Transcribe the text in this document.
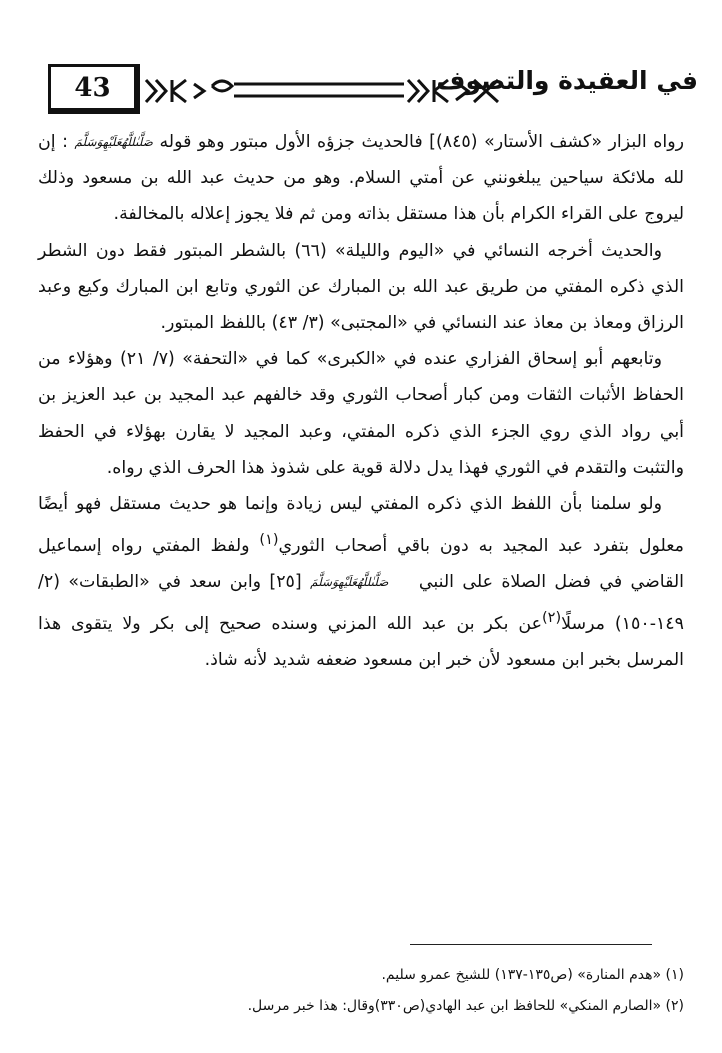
43	في العقيدة والتصوف

رواه البزار «كشف الأستار» (٨٤٥)] فالحديث جزؤه الأول مبتور وهو قوله صَلَّىٰللَّهُعَلَيْهِوَسَلَّمَ : إن لله ملائكة سياحين يبلغونني عن أمتي السلام. وهو من حديث عبد الله بن مسعود وذلك ليروج على القراء الكرام بأن هذا مستقل بذاته ومن ثم فلا يجوز إعلاله بالمخالفة.

والحديث أخرجه النسائي في «اليوم والليلة» (٦٦) بالشطر المبتور فقط دون الشطر الذي ذكره المفتي من طريق عبد الله بن المبارك عن الثوري وتابع ابن المبارك وكيع وعبد الرزاق ومعاذ بن معاذ عند النسائي في «المجتبى» (٣/ ٤٣) باللفظ المبتور.

وتابعهم أبو إسحاق الفزاري عنده في «الكبرى» كما في «التحفة» (٧/ ٢١) وهؤلاء من الحفاظ الأثبات الثقات ومن كبار أصحاب الثوري وقد خالفهم عبد المجيد بن عبد العزيز بن أبي رواد الذي روي الجزء الذي ذكره المفتي، وعبد المجيد لا يقارن بهؤلاء في الحفظ والتثبت والتقدم في الثوري فهذا يدل دلالة قوية على شذوذ هذا الحرف الذي رواه.

ولو سلمنا بأن اللفظ الذي ذكره المفتي ليس زيادة وإنما هو حديث مستقل فهو أيضًا معلول بتفرد عبد المجيد به دون باقي أصحاب الثوري$^{(١)}$ ولفظ المفتي رواه إسماعيل القاضي في فضل الصلاة على النبي صَلَّىٰللَّهُعَلَيْهِوَسَلَّمَ [٢٥] وابن سعد في «الطبقات» (٢/ ١٤٩-١٥٠) مرسلًا$^{(٢)}$عن بكر بن عبد الله المزني وسنده صحيح إلى بكر ولا يتقوى هذا المرسل بخبر ابن مسعود لأن خبر ابن مسعود ضعفه شديد لأنه شاذ.

(١) «هدم المنارة» (ص١٣٥-١٣٧) للشيخ عمرو سليم.

(٢) «الصارم المنكي» للحافظ ابن عبد الهادي(ص٣٣٠)وقال: هذا خبر مرسل.
